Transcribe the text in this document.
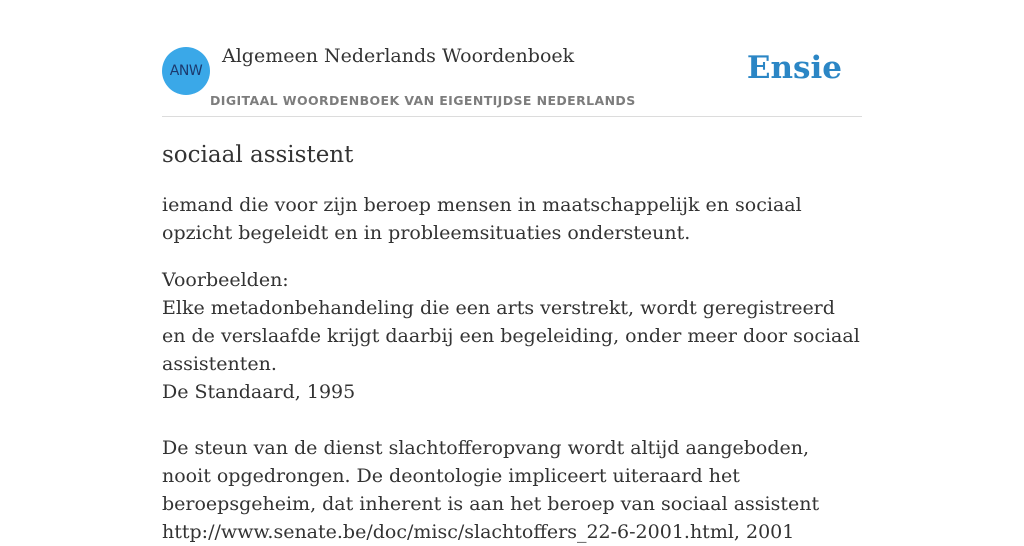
ANW
Algemeen Nederlands Woordenboek
DIGITAAL WOORDENBOEK VAN EIGENTIJDSE NEDERLANDS
Ensie
sociaal assistent

iemand die voor zijn beroep mensen in maatschappelijk en sociaal opzicht begeleidt en in probleemsituaties ondersteunt.

Voorbeelden:

Elke metadonbehandeling die een arts verstrekt, wordt geregistreerd en de verslaafde krijgt daarbij een begeleiding, onder meer door sociaal assistenten.

De Standaard, 1995

De steun van de dienst slachtofferopvang wordt altijd aangeboden, nooit opgedrongen. De deontologie impliceert uiteraard het beroepsgeheim, dat inherent is aan het beroep van sociaal assistent

http://www.senate.be/doc/misc/slachtoffers_22-6-2001.html, 2001
